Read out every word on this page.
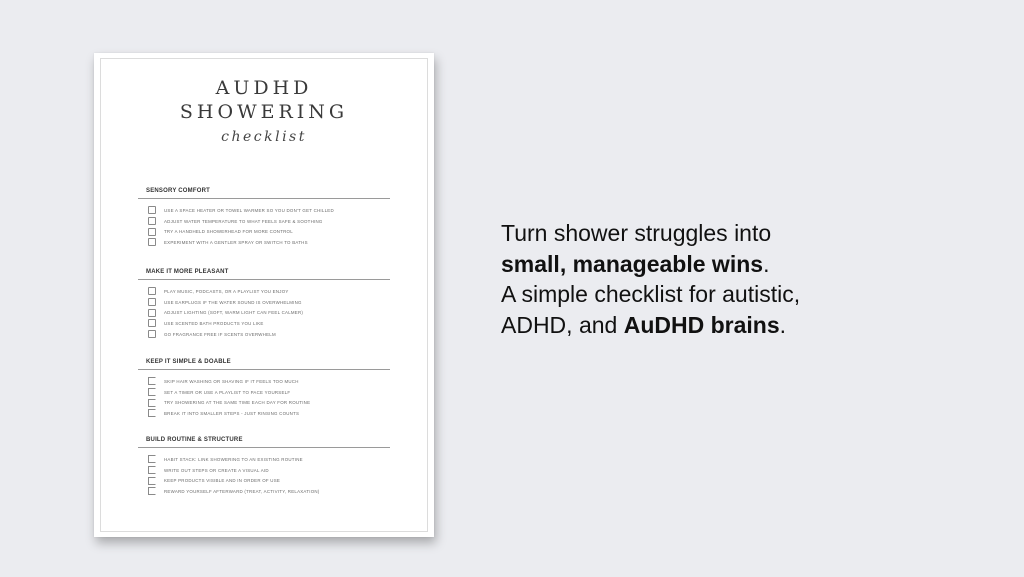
AUDHD
SHOWERING
checklist
SENSORY COMFORT
USE A SPACE HEATER OR TOWEL WARMER SO YOU DON'T GET CHILLED
ADJUST WATER TEMPERATURE TO WHAT FEELS SAFE & SOOTHING
TRY A HANDHELD SHOWERHEAD FOR MORE CONTROL
EXPERIMENT WITH A GENTLER SPRAY OR SWITCH TO BATHS
MAKE IT MORE PLEASANT
PLAY MUSIC, PODCASTS, OR A PLAYLIST YOU ENJOY
USE EARPLUGS IF THE WATER SOUND IS OVERWHELMING
ADJUST LIGHTING (SOFT, WARM LIGHT CAN FEEL CALMER)
USE SCENTED BATH PRODUCTS YOU LIKE
GO FRAGRANCE FREE IF SCENTS OVERWHELM
KEEP IT SIMPLE & DOABLE
SKIP HAIR WASHING OR SHAVING IF IT FEELS TOO MUCH
SET A TIMER OR USE A PLAYLIST TO PACE YOURSELF
TRY SHOWERING AT THE SAME TIME EACH DAY FOR ROUTINE
BREAK IT INTO SMALLER STEPS - JUST RINSING COUNTS
BUILD ROUTINE & STRUCTURE
HABIT STACK: LINK SHOWERING TO AN EXISTING ROUTINE
WRITE OUT STEPS OR CREATE A VISUAL AID
KEEP PRODUCTS VISIBLE AND IN ORDER OF USE
REWARD YOURSELF AFTERWARD (TREAT, ACTIVITY, RELAXATION)
Turn shower struggles into
small, manageable wins.
A simple checklist for autistic,
ADHD, and AuDHD brains.
